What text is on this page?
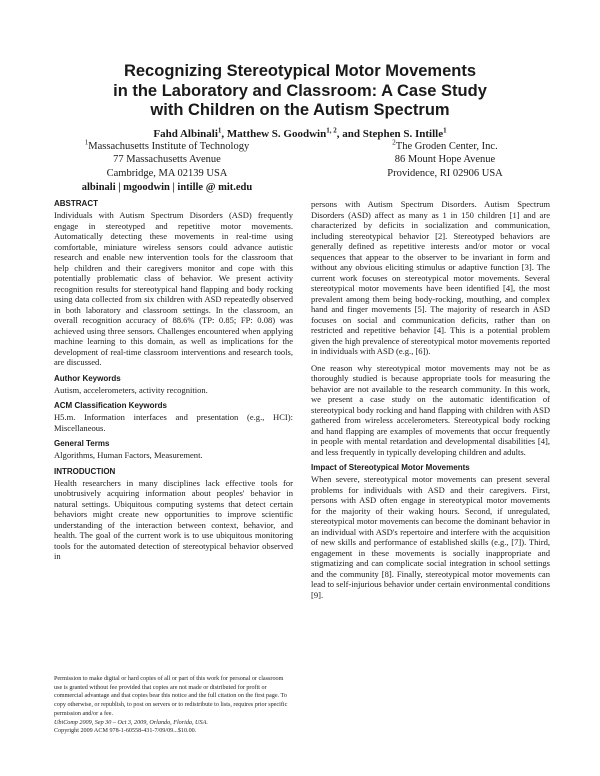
Recognizing Stereotypical Motor Movements
in the Laboratory and Classroom: A Case Study
with Children on the Autism Spectrum
Fahd Albinali$^1$, Matthew S. Goodwin$^{1, 2}$, and Stephen S. Intille$^1$
$^1$Massachusetts Institute of Technology
77 Massachusetts Avenue
Cambridge, MA 02139 USA
$^2$The Groden Center, Inc.
86 Mount Hope Avenue
Providence, RI 02906 USA
albinali | mgoodwin | intille @ mit.edu
ABSTRACT

Individuals with Autism Spectrum Disorders (ASD) frequently engage in stereotyped and repetitive motor movements. Automatically detecting these movements in real-time using comfortable, miniature wireless sensors could advance autistic research and enable new intervention tools for the classroom that help children and their caregivers monitor and cope with this potentially problematic class of behavior. We present activity recognition results for stereotypical hand flapping and body rocking using data collected from six children with ASD repeatedly observed in both laboratory and classroom settings. In the classroom, an overall recognition accuracy of 88.6% (TP: 0.85; FP: 0.08) was achieved using three sensors. Challenges encountered when applying machine learning to this domain, as well as implications for the development of real-time classroom interventions and research tools, are discussed.

Author Keywords

Autism, accelerometers, activity recognition.

ACM Classification Keywords

H5.m. Information interfaces and presentation (e.g., HCI): Miscellaneous.

General Terms

Algorithms, Human Factors, Measurement.

INTRODUCTION

Health researchers in many disciplines lack effective tools for unobtrusively acquiring information about peoples' behavior in natural settings. Ubiquitous computing systems that detect certain behaviors might create new opportunities to improve scientific understanding of the interaction between context, behavior, and health. The goal of the current work is to use ubiquitous monitoring tools for the automated detection of stereotypical behavior observed in

Permission to make digital or hard copies of all or part of this work for personal or classroom use is granted without fee provided that copies are not made or distributed for profit or commercial advantage and that copies bear this notice and the full citation on the first page. To copy otherwise, or republish, to post on servers or to redistribute to lists, requires prior specific permission and/or a fee.

UbiComp 2009, Sep 30 – Oct 3, 2009, Orlando, Florida, USA.

Copyright 2009 ACM 978-1-60558-431-7/09/09...$10.00.

persons with Autism Spectrum Disorders. Autism Spectrum Disorders (ASD) affect as many as 1 in 150 children [1] and are characterized by deficits in socialization and communication, including stereotypical behavior [2]. Stereotyped behaviors are generally defined as repetitive interests and/or motor or vocal sequences that appear to the observer to be invariant in form and without any obvious eliciting stimulus or adaptive function [3]. The current work focuses on stereotypical motor movements. Several stereotypical motor movements have been identified [4], the most prevalent among them being body-rocking, mouthing, and complex hand and finger movements [5]. The majority of research in ASD focuses on social and communication deficits, rather than on restricted and repetitive behavior [4]. This is a potential problem given the high prevalence of stereotypical motor movements reported in individuals with ASD (e.g., [6]).

One reason why stereotypical motor movements may not be as thoroughly studied is because appropriate tools for measuring the behavior are not available to the research community. In this work, we present a case study on the automatic identification of stereotypical body rocking and hand flapping with children with ASD gathered from wireless accelerometers. Stereotypical body rocking and hand flapping are examples of movements that occur frequently in people with mental retardation and developmental disabilities [4], and less frequently in typically developing children and adults.

Impact of Stereotypical Motor Movements

When severe, stereotypical motor movements can present several problems for individuals with ASD and their caregivers. First, persons with ASD often engage in stereotypical motor movements for the majority of their waking hours. Second, if unregulated, stereotypical motor movements can become the dominant behavior in an individual with ASD's repertoire and interfere with the acquisition of new skills and performance of established skills (e.g., [7]). Third, engagement in these movements is socially inappropriate and stigmatizing and can complicate social integration in school settings and the community [8]. Finally, stereotypical motor movements can lead to self-injurious behavior under certain environmental conditions [9].
